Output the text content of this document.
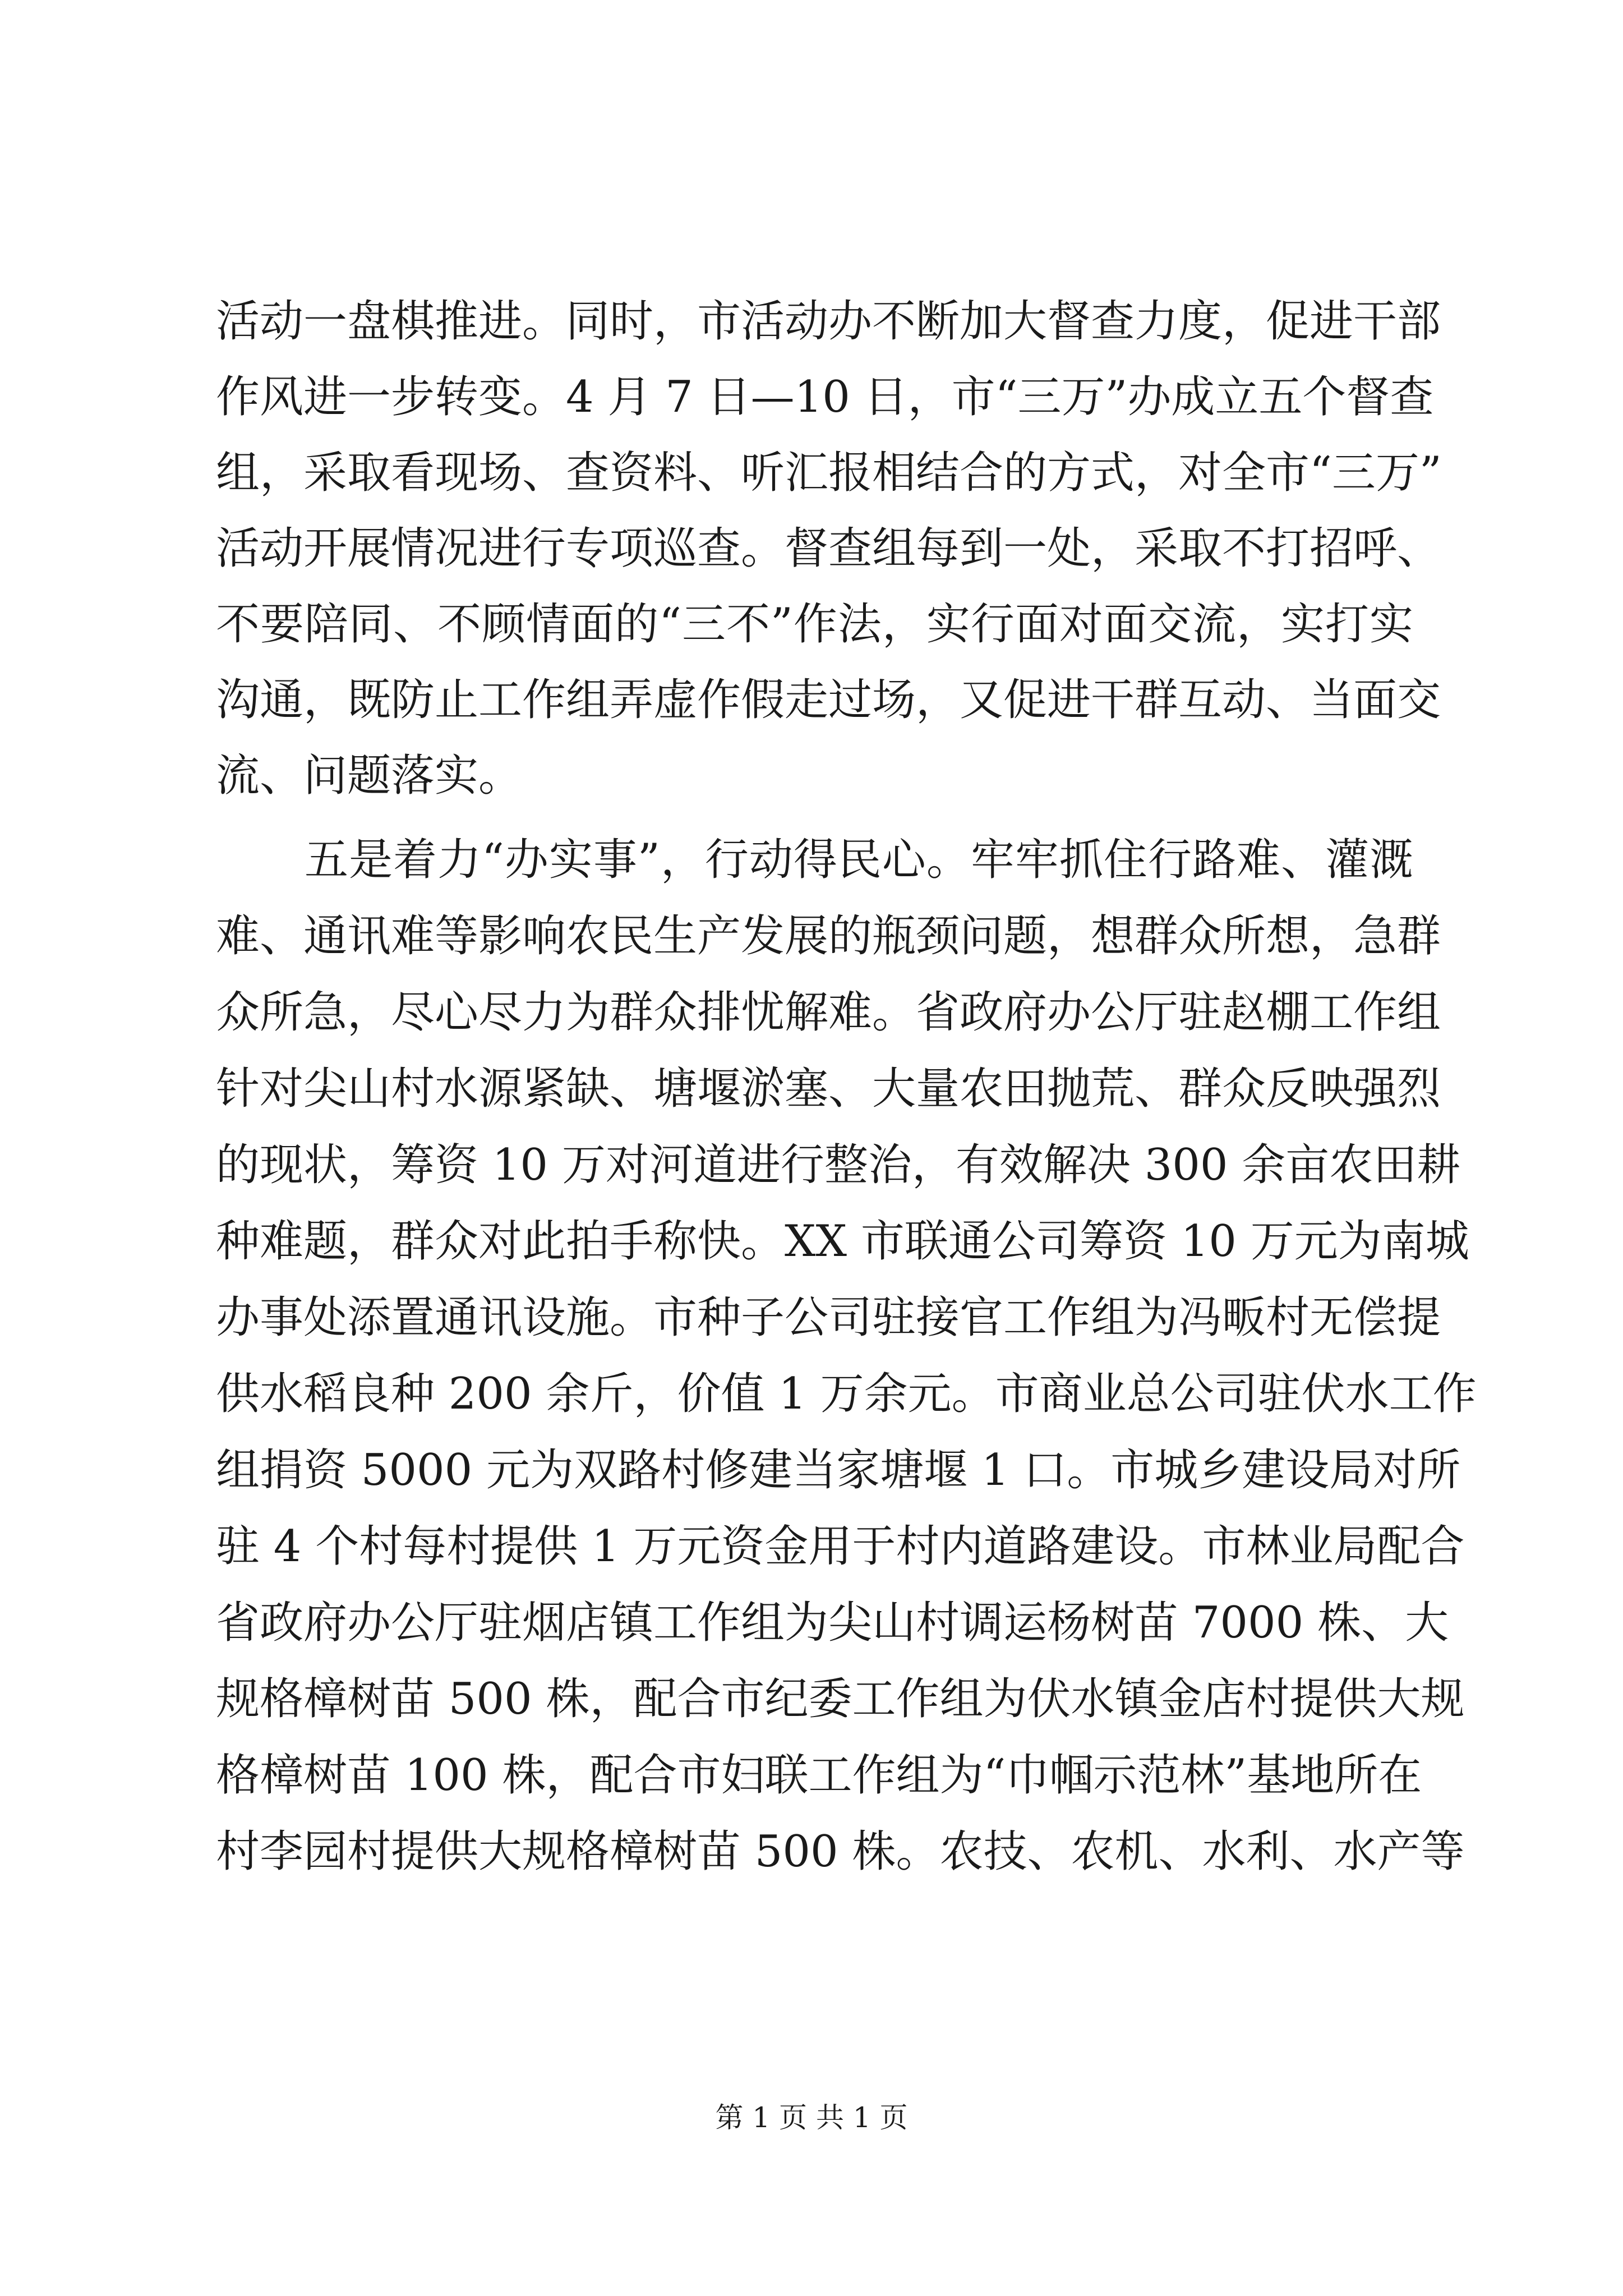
活动一盘棋推进。同时，市活动办不断加大督查力度，促进干部
作风进一步转变。4 月 7 日—10 日，市“三万”办成立五个督查
组，采取看现场、查资料、听汇报相结合的方式，对全市“三万”
活动开展情况进行专项巡查。督查组每到一处，采取不打招呼、
不要陪同、不顾情面的“三不”作法，实行面对面交流，实打实
沟通，既防止工作组弄虚作假走过场，又促进干群互动、当面交
流、问题落实。
五是着力“办实事”，行动得民心。牢牢抓住行路难、灌溉
难、通讯难等影响农民生产发展的瓶颈问题，想群众所想，急群
众所急，尽心尽力为群众排忧解难。省政府办公厅驻赵棚工作组
针对尖山村水源紧缺、塘堰淤塞、大量农田抛荒、群众反映强烈
的现状，筹资 10 万对河道进行整治，有效解决 300 余亩农田耕
种难题，群众对此拍手称快。XX 市联通公司筹资 10 万元为南城
办事处添置通讯设施。市种子公司驻接官工作组为冯畈村无偿提
供水稻良种 200 余斤，价值 1 万余元。市商业总公司驻伏水工作
组捐资 5000 元为双路村修建当家塘堰 1 口。市城乡建设局对所
驻 4 个村每村提供 1 万元资金用于村内道路建设。市林业局配合
省政府办公厅驻烟店镇工作组为尖山村调运杨树苗 7000 株、大
规格樟树苗 500 株，配合市纪委工作组为伏水镇金店村提供大规
格樟树苗 100 株，配合市妇联工作组为“巾帼示范林”基地所在
村李园村提供大规格樟树苗 500 株。农技、农机、水利、水产等
第 1 页 共 1 页
